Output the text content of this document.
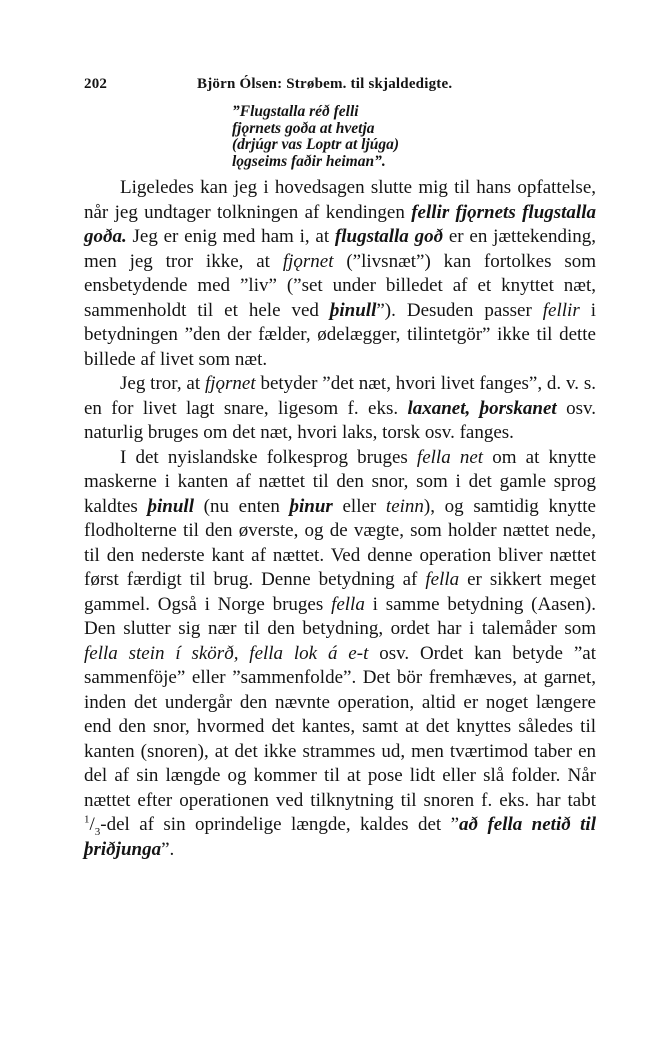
202	Björn Ólsen: Strøbem. til skjaldedigte.
”Flugstalla réð felli
fjǫrnets goða at hvetja
(drjúgr vas Loptr at ljúga)
lǫgseims faðir heiman”.

Ligeledes kan jeg i hovedsagen slutte mig til hans opfattelse, når jeg undtager tolkningen af kendingen fellir fjǫrnets flugstalla goða. Jeg er enig med ham i, at flugstalla goð er en jættekending, men jeg tror ikke, at fjǫrnet (”livsnæt”) kan fortolkes som ensbetydende med ”liv” (”set under billedet af et knyttet næt, sammenholdt til et hele ved þinull”). Desuden passer fellir i betydningen ”den der fælder, ødelægger, tilintetgör” ikke til dette billede af livet som næt.

Jeg tror, at fjǫrnet betyder ”det næt, hvori livet fanges”, d. v. s. en for livet lagt snare, ligesom f. eks. laxanet, þorskanet osv. naturlig bruges om det næt, hvori laks, torsk osv. fanges.

I det nyislandske folkesprog bruges fella net om at knytte maskerne i kanten af nættet til den snor, som i det gamle sprog kaldtes þinull (nu enten þinur eller teinn), og samtidig knytte flodholterne til den øverste, og de vægte, som holder nættet nede, til den nederste kant af nættet. Ved denne operation bliver nættet først færdigt til brug. Denne betydning af fella er sikkert meget gammel. Også i Norge bruges fella i samme betydning (Aasen). Den slutter sig nær til den betydning, ordet har i talemåder som fella stein í skörð, fella lok á e-t osv. Ordet kan betyde ”at sammenföje” eller ”sammenfolde”. Det bör fremhæves, at garnet, inden det undergår den nævnte operation, altid er noget længere end den snor, hvormed det kantes, samt at det knyttes således til kanten (snoren), at det ikke strammes ud, men tværtimod taber en del af sin længde og kommer til at pose lidt eller slå folder. Når nættet efter operationen ved tilknytning til snoren f. eks. har tabt $^1/_3$-del af sin oprindelige længde, kaldes det ”að fella netið til þriðjunga”.
